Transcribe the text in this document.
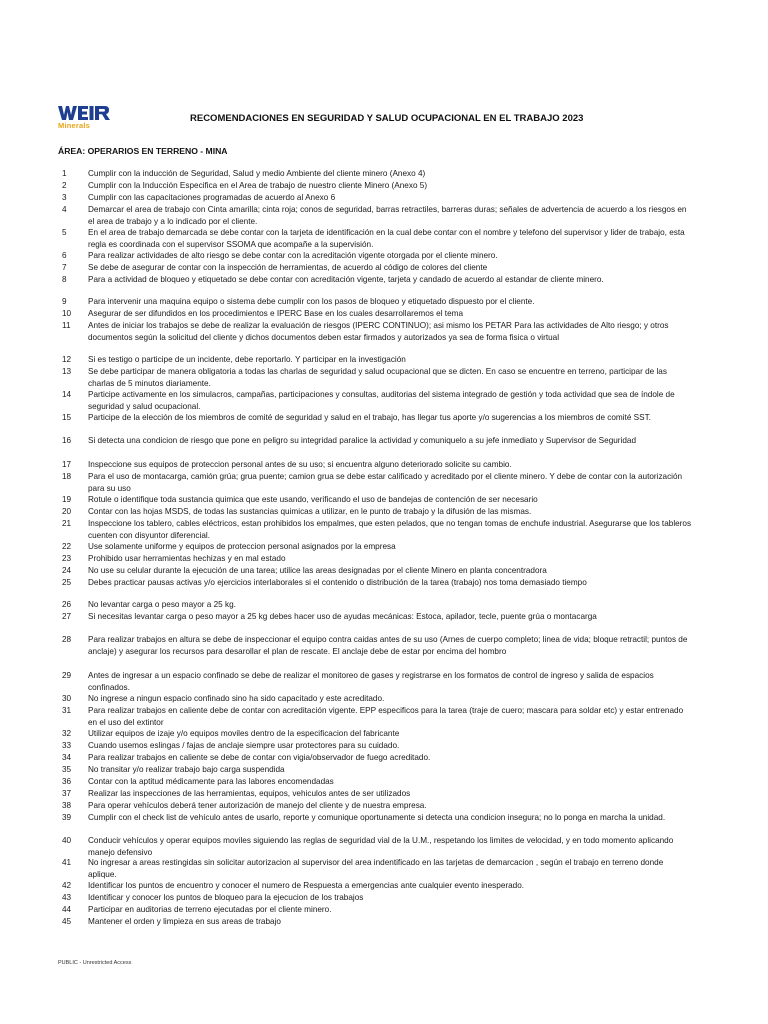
Minerals
RECOMENDACIONES EN SEGURIDAD Y SALUD OCUPACIONAL EN EL TRABAJO 2023
ÁREA: OPERARIOS EN TERRENO - MINA
1	Cumplir con la inducción de Seguridad, Salud y medio Ambiente del cliente minero (Anexo 4)
2	Cumplir con la Inducción Especifica en el Area de trabajo de nuestro cliente Minero (Anexo 5)
3	Cumplir con las capacitaciones programadas de acuerdo al Anexo 6
4	Demarcar el area de trabajo con Cinta amarilla; cinta roja; conos de seguridad, barras retractiles, barreras duras; señales de advertencia de acuerdo a los riesgos en el area de trabajo y a lo indicado por el cliente.
5	En el area de trabajo demarcada se debe contar con la tarjeta de identificación en la cual debe contar con el nombre y telefono del supervisor y lider de trabajo, esta regla es coordinada con el supervisor SSOMA que acompañe a la supervisión.
6	Para realizar actividades de alto riesgo se debe contar con la acreditación vigente otorgada por el cliente minero.
7	Se debe de asegurar de contar con la inspección de herramientas, de acuerdo al código de colores del cliente
8	Para a actividad de bloqueo y etiquetado se debe contar con acreditación vigente, tarjeta y candado de acuerdo al estandar de cliente minero.
9	Para intervenir una maquina equipo o sistema debe cumplir con los pasos de bloqueo y etiquetado dispuesto por el cliente.
10	Asegurar de ser difundidos en los procedimientos e IPERC Base en los cuales desarrollaremos el tema
11	Antes de iniciar los trabajos se debe de realizar la evaluación de riesgos (IPERC CONTINUO); asi mismo los PETAR Para las actividades de Alto riesgo; y otros documentos según la solicitud del cliente y dichos documentos deben estar firmados y autorizados ya sea de forma fisica o virtual
12	Si es testigo o participe de un incidente, debe reportarlo. Y participar en la investigación
13	Se debe participar de manera obligatoria a todas las charlas de seguridad y salud ocupacional que se dicten. En caso se encuentre en terreno, participar de las charlas de 5 minutos diariamente.
14	Participe activamente en los simulacros, campañas, participaciones y consultas, auditorias del sistema integrado de gestión y toda actividad que sea de índole de seguridad y salud ocupacional.
15	Participe de la elección de los miembros de comité de seguridad y salud en el trabajo, has llegar tus aporte y/o sugerencias a los miembros de comité SST.
16	Si detecta una condicion de riesgo que pone en peligro su integridad paralice la actividad y comuniquelo a su jefe inmediato y Supervisor de Seguridad
17	Inspeccione sus equipos de proteccion personal antes de su uso; si encuentra alguno deteriorado solicite su cambio.
18	Para el uso de montacarga, camión grúa; grua puente; camion grua se debe estar calificado y acreditado por el cliente minero. Y debe de contar con la autorización para su uso
19	Rotule o identifique toda sustancia quimica que este usando, verificando el uso de bandejas de contención de ser necesario
20	Contar con las hojas MSDS, de todas las sustancias quimicas a utilizar, en le punto de trabajo y la difusión de las mismas.
21	Inspeccione los tablero, cables eléctricos, estan prohibidos los empalmes, que esten pelados, que no tengan tomas de enchufe industrial. Asegurarse que los tableros cuenten con disyuntor diferencial.
22	Use solamente uniforme y equipos de proteccion personal asignados por la empresa
23	Prohibido usar herramientas hechizas y en mal estado
24	No use su celular durante la ejecución de una tarea; utilice las areas designadas por el cliente Minero en planta concentradora
25	Debes practicar pausas activas y/o ejercicios interlaborales si el contenido o distribución de la tarea (trabajo) nos toma demasiado tiempo
26	No levantar carga o peso mayor a 25 kg.
27	Si necesitas levantar carga o peso mayor a 25 kg debes hacer uso de ayudas mecánicas: Estoca, apilador, tecle, puente grúa o montacarga
28	Para realizar trabajos en altura se debe de inspeccionar el equipo contra caidas antes de su uso (Arnes de cuerpo completo; linea de vida; bloque retractil; puntos de anclaje) y asegurar los recursos para desarollar el plan de rescate. El anclaje debe de estar por encima del hombro
29	Antes de ingresar a un espacio confinado se debe de realizar el monitoreo de gases y registrarse en los formatos de control de ingreso y salida de espacios confinados.
30	No ingrese a ningun espacio confinado sino ha sido capacitado y este acreditado.
31	Para realizar trabajos en caliente debe de contar con acreditación vigente. EPP especificos para la tarea (traje de cuero; mascara para soldar etc) y estar entrenado en el uso del extintor
32	Utilizar equipos de izaje y/o equipos moviles dentro de la especificacion del fabricante
33	Cuando usemos eslingas / fajas de anclaje siempre usar protectores para su cuidado.
34	Para realizar trabajos en caliente se debe de contar con vigia/observador de fuego acreditado.
35	No transitar y/o realizar trabajo bajo carga suspendida
36	Contar con la aptitud médicamente para las labores encomendadas
37	Realizar las inspecciones de las herramientas, equipos, vehiculos antes de ser utilizados
38	Para operar vehículos deberá tener autorización de manejo del cliente y de nuestra empresa.
39	Cumplir con el check list de vehículo antes de usarlo, reporte y comunique oportunamente si detecta una condicion insegura; no lo ponga en marcha la unidad.
40	Conducir vehículos y operar equipos moviles siguiendo las reglas de seguridad vial de la U.M., respetando los limites de velocidad, y en todo momento aplicando manejo defensivo
41	No ingresar a areas restingidas sin solicitar autorizacion al supervisor del area indentificado en las tarjetas de demarcacion , según el trabajo en terreno donde aplique.
42	Identificar los puntos de encuentro y conocer el numero de Respuesta a emergencias ante cualquier evento inesperado.
43	Identificar y conocer los puntos de bloqueo para la ejecucion de los trabajos
44	Participar en auditorias de terreno ejecutadas por el cliente minero.
45	Mantener el orden y limpieza en sus areas de trabajo
PUBLIC - Unrestricted Access
